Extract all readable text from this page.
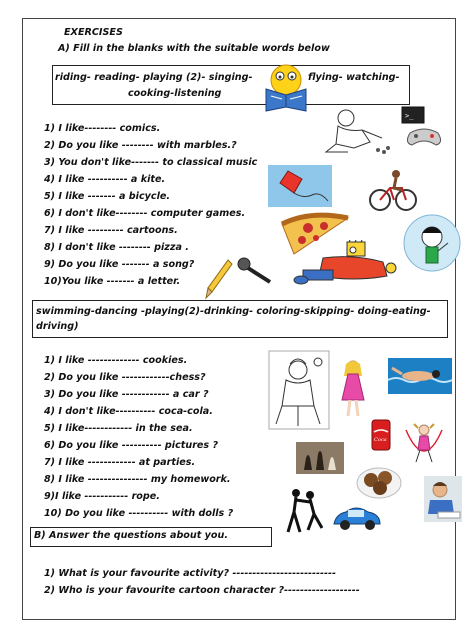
EXERCISES
A) Fill in the blanks with the suitable words below
riding- reading- playing (2)- singing-	flying- watching-
cooking-listening
1) I like-------- comics.
2) Do you like -------- with marbles.?
3) You don't like------- to classical music
4) I like ---------- a kite.
5) I like ------- a bicycle.
6) I don't like-------- computer games.
7) I like --------- cartoons.
8) I don't like -------- pizza .
9) Do you like ------- a song?
10)You like ------- a letter.
>_
swimming-dancing -playing(2)-drinking- coloring-skipping- doing-eating-
driving)
1) I like ------------- cookies.
2) Do you like ------------chess?
3) Do you like ------------ a car ?
4) I don't like---------- coca-cola.
5) I like------------ in the sea.
6) Do you like ---------- pictures ?
7) I like ------------ at parties.
8) I like --------------- my homework.
9)I like ----------- rope.
10) Do you like ---------- with dolls ?
Coca
B) Answer the questions about you.
1) What is your favourite activity? --------------------------
2) Who is your favourite cartoon character ?-------------------
